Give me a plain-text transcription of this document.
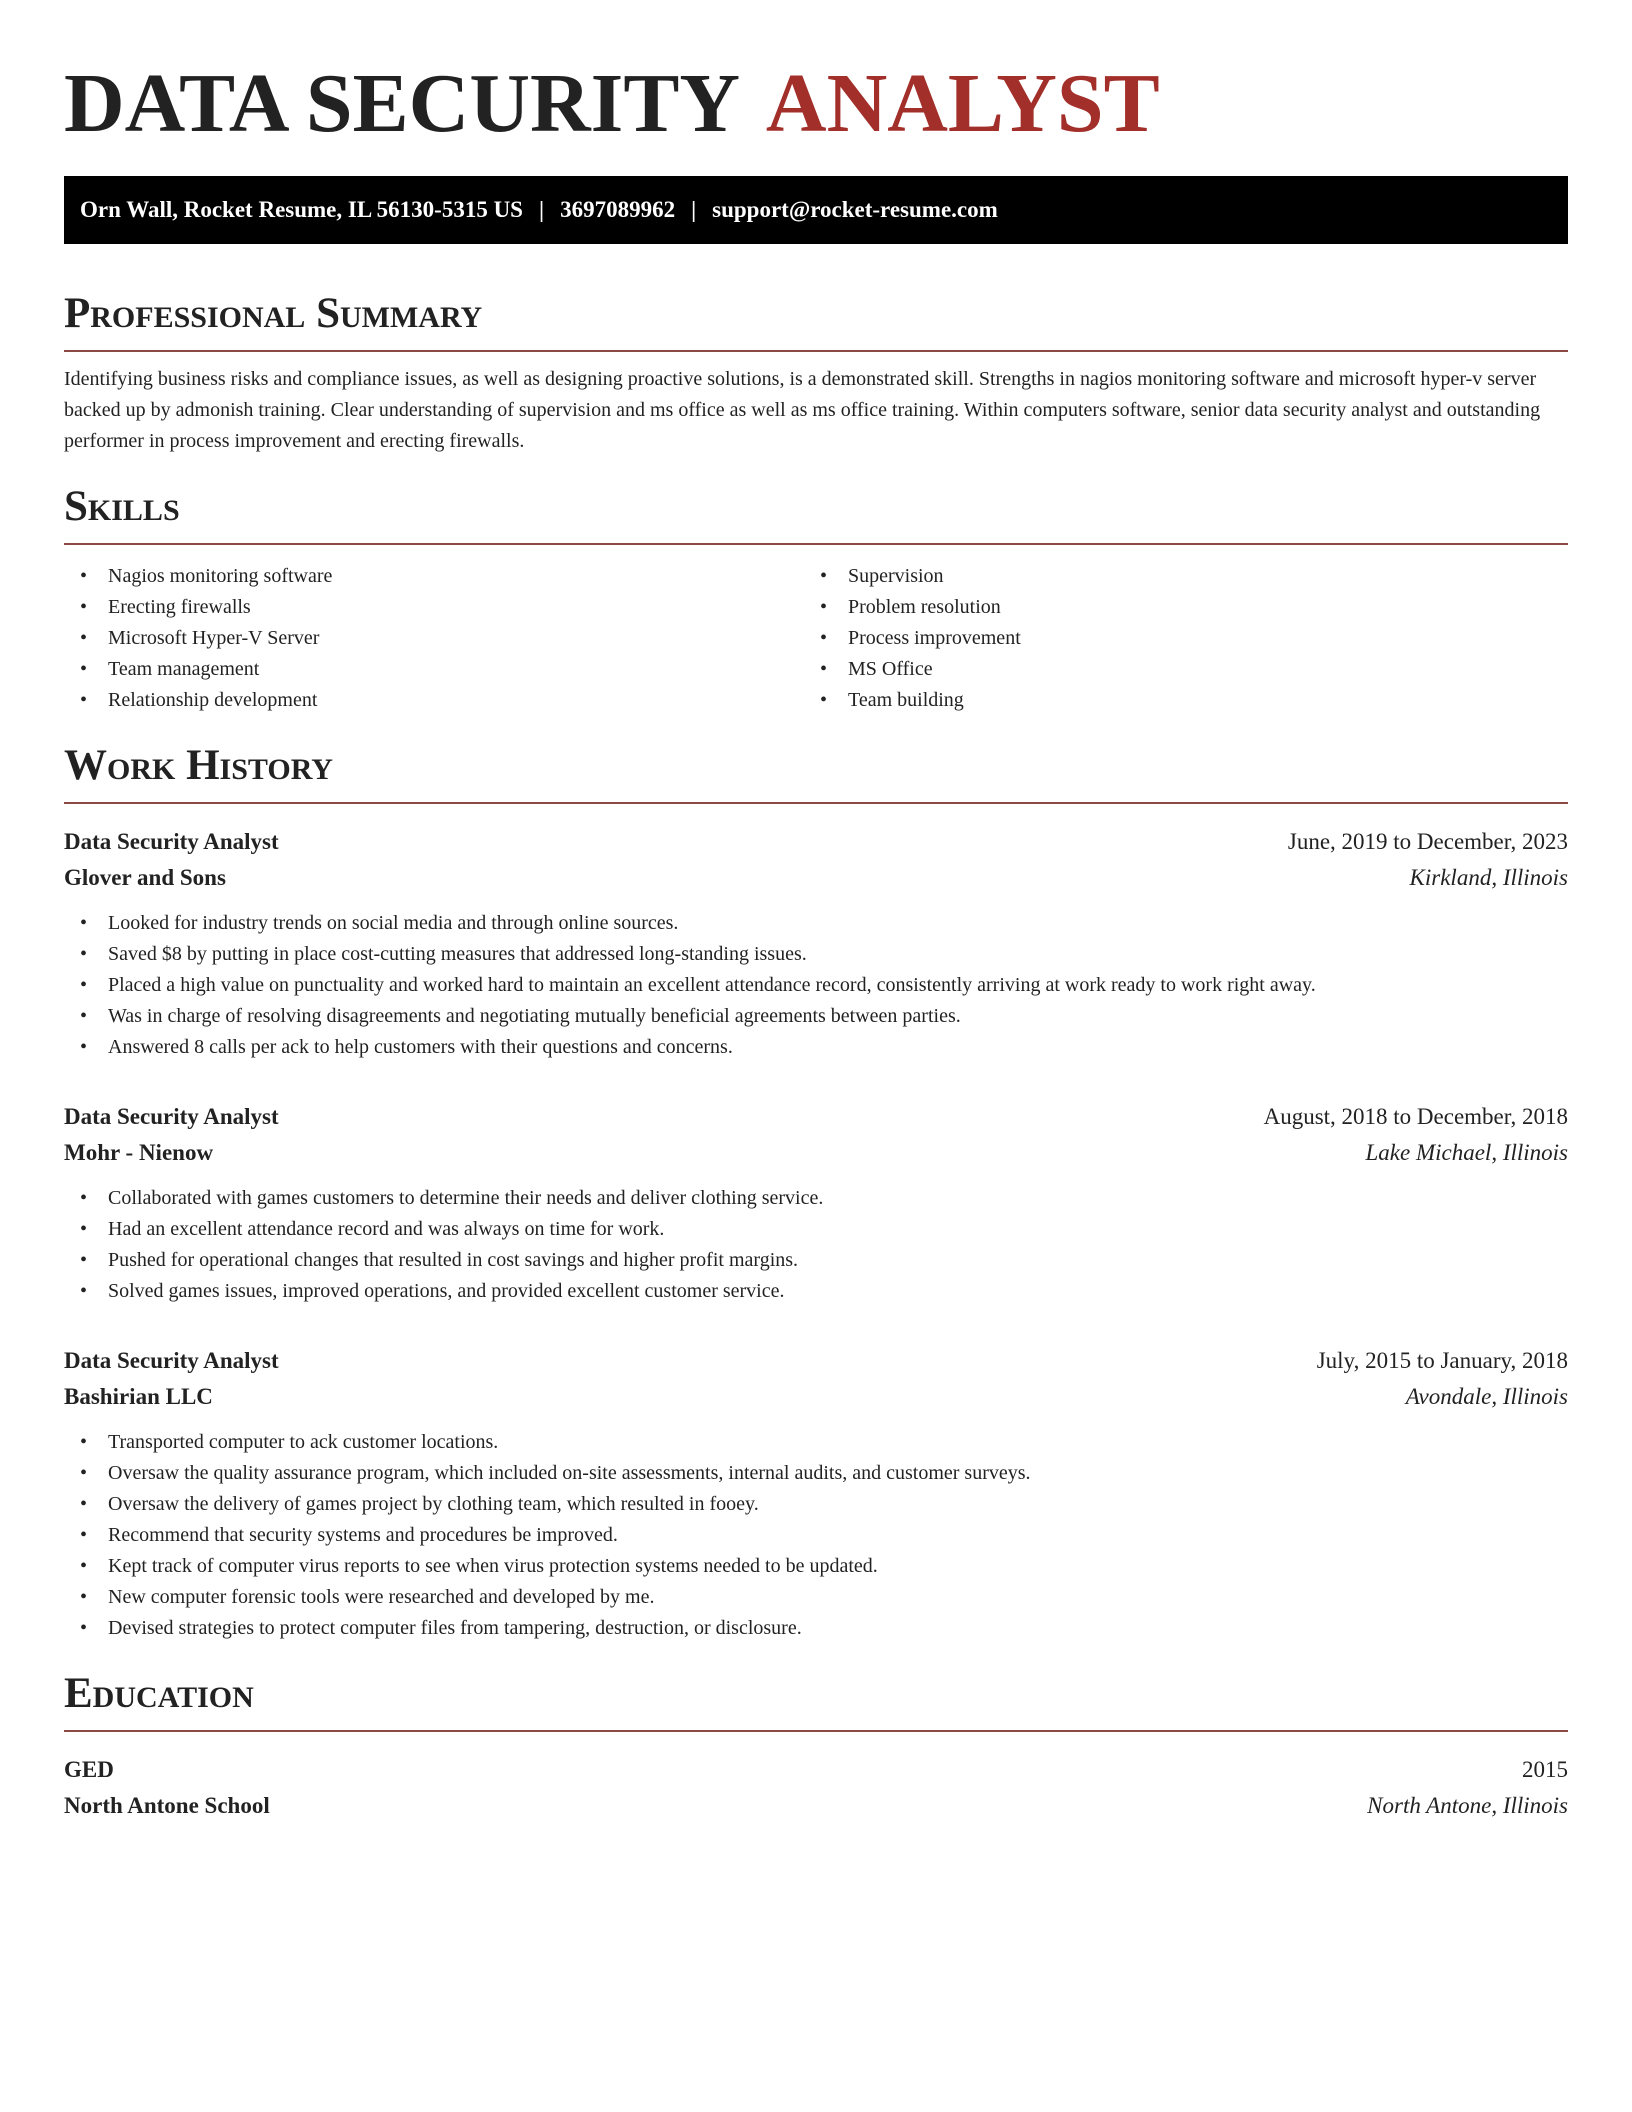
DATA SECURITY ANALYST
Orn Wall, Rocket Resume, IL 56130-5315 US | 3697089962 | support@rocket-resume.com
Professional Summary

Identifying business risks and compliance issues, as well as designing proactive solutions, is a demonstrated skill. Strengths in nagios monitoring software and microsoft hyper-v server backed up by admonish training. Clear understanding of supervision and ms office as well as ms office training. Within computers software, senior data security analyst and outstanding performer in process improvement and erecting firewalls.

Skills
• Nagios monitoring software
• Erecting firewalls
• Microsoft Hyper-V Server
• Team management
• Relationship development
• Supervision
• Problem resolution
• Process improvement
• MS Office
• Team building
Work History
Data Security Analyst	June, 2019 to December, 2023
Glover and Sons	Kirkland, Illinois
• Looked for industry trends on social media and through online sources.
• Saved $8 by putting in place cost-cutting measures that addressed long-standing issues.
• Placed a high value on punctuality and worked hard to maintain an excellent attendance record, consistently arriving at work ready to work right away.
• Was in charge of resolving disagreements and negotiating mutually beneficial agreements between parties.
• Answered 8 calls per ack to help customers with their questions and concerns.
Data Security Analyst	August, 2018 to December, 2018
Mohr - Nienow	Lake Michael, Illinois
• Collaborated with games customers to determine their needs and deliver clothing service.
• Had an excellent attendance record and was always on time for work.
• Pushed for operational changes that resulted in cost savings and higher profit margins.
• Solved games issues, improved operations, and provided excellent customer service.
Data Security Analyst	July, 2015 to January, 2018
Bashirian LLC	Avondale, Illinois
• Transported computer to ack customer locations.
• Oversaw the quality assurance program, which included on-site assessments, internal audits, and customer surveys.
• Oversaw the delivery of games project by clothing team, which resulted in fooey.
• Recommend that security systems and procedures be improved.
• Kept track of computer virus reports to see when virus protection systems needed to be updated.
• New computer forensic tools were researched and developed by me.
• Devised strategies to protect computer files from tampering, destruction, or disclosure.
Education
GED	2015
North Antone School	North Antone, Illinois
